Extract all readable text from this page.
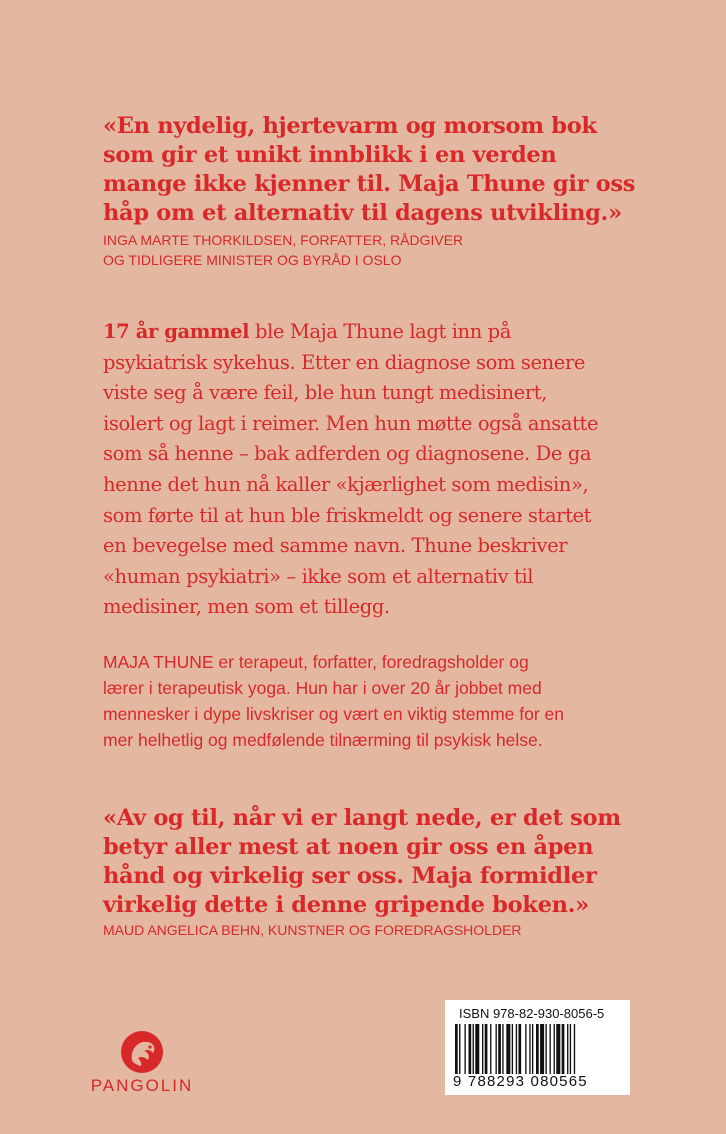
«En nydelig, hjertevarm og morsom bok
som gir et unikt innblikk i en verden
mange ikke kjenner til. Maja Thune gir oss
håp om et alternativ til dagens utvikling.»
INGA MARTE THORKILDSEN, FORFATTER, RÅDGIVER
OG TIDLIGERE MINISTER OG BYRÅD I OSLO
17 år gammel ble Maja Thune lagt inn på
psykiatrisk sykehus. Etter en diagnose som senere
viste seg å være feil, ble hun tungt medisinert,
isolert og lagt i reimer. Men hun møtte også ansatte
som så henne – bak adferden og diagnosene. De ga
henne det hun nå kaller «kjærlighet som medisin»,
som førte til at hun ble friskmeldt og senere startet
en bevegelse med samme navn. Thune beskriver
«human psykiatri» – ikke som et alternativ til
medisiner, men som et tillegg.
MAJA THUNE er terapeut, forfatter, foredragsholder og
lærer i terapeutisk yoga. Hun har i over 20 år jobbet med
mennesker i dype livskriser og vært en viktig stemme for en
mer helhetlig og medfølende tilnærming til psykisk helse.
«Av og til, når vi er langt nede, er det som
betyr aller mest at noen gir oss en åpen
hånd og virkelig ser oss. Maja formidler
virkelig dette i denne gripende boken.»
MAUD ANGELICA BEHN, KUNSTNER OG FOREDRAGSHOLDER
PANGOLIN
ISBN 978-82-930-8056-5
9 788293 080565
